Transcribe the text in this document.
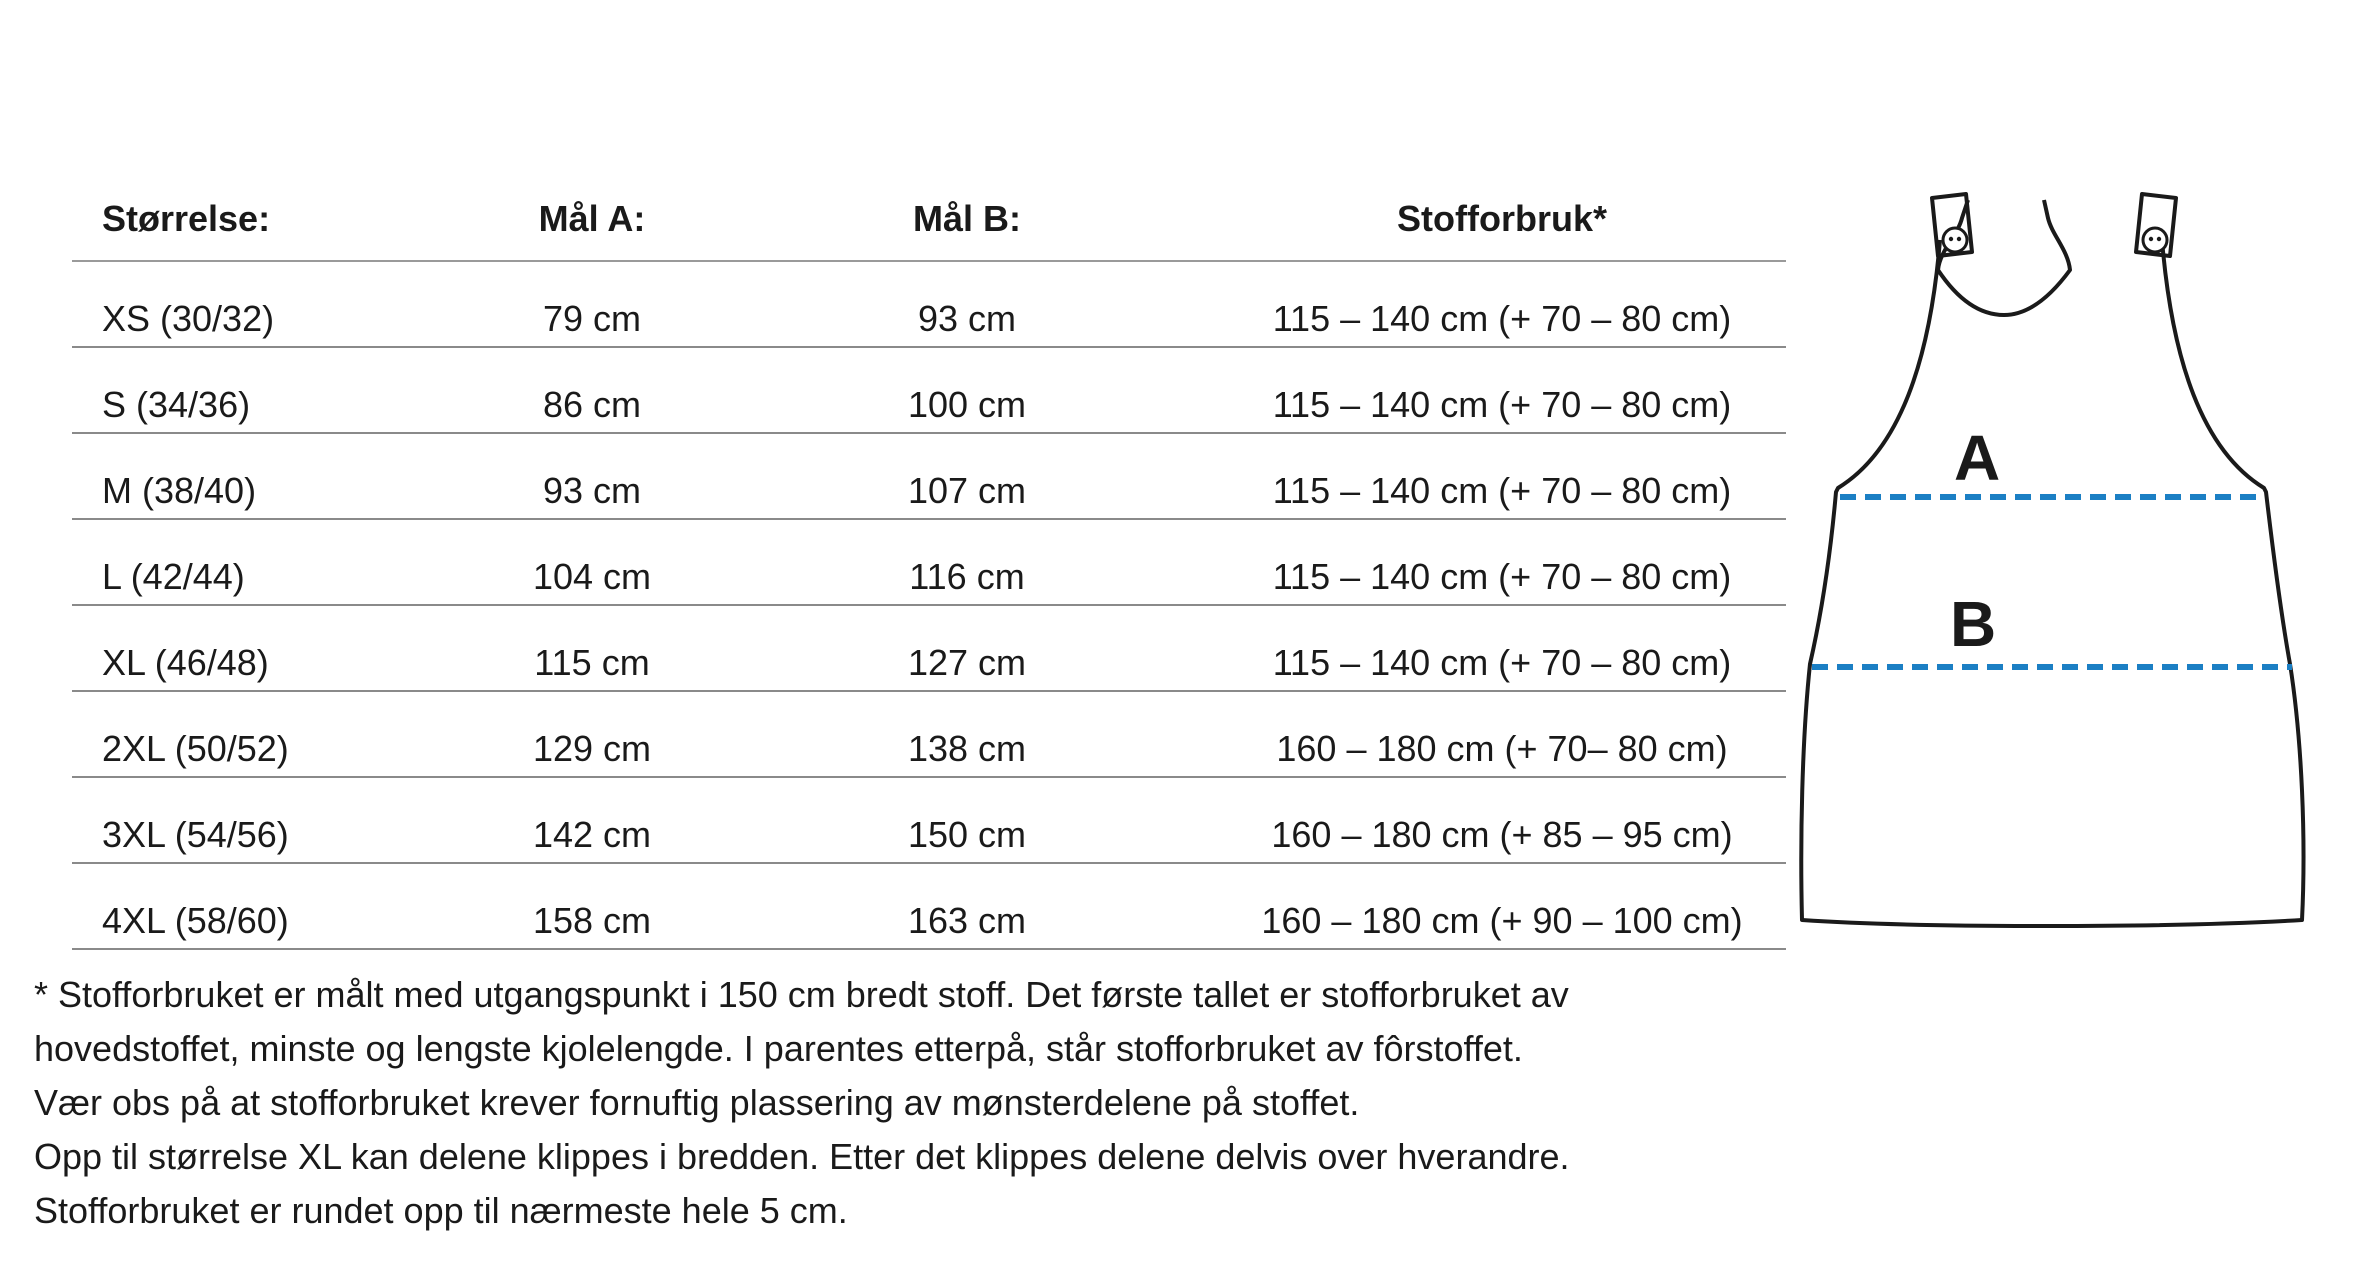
Størrelse:	Mål A:	Mål B:	Stofforbruk*
XS (30/32)	79 cm	93 cm	115 – 140 cm (+ 70 – 80 cm)
S (34/36)	86 cm	100 cm	115 – 140 cm (+ 70 – 80 cm)
M (38/40)	93 cm	107 cm	115 – 140 cm (+ 70 – 80 cm)
L (42/44)	104 cm	116 cm	115 – 140 cm (+ 70 – 80 cm)
XL (46/48)	115 cm	127 cm	115 – 140 cm (+ 70 – 80 cm)
2XL (50/52)	129 cm	138 cm	160 – 180 cm (+ 70– 80 cm)
3XL (54/56)	142 cm	150 cm	160 – 180 cm (+ 85 – 95 cm)
4XL (58/60)	158 cm	163 cm	160 – 180 cm (+ 90 – 100 cm)

* Stofforbruket er målt med utgangspunkt i 150 cm bredt stoff. Det første tallet er stofforbruket av

hovedstoffet, minste og lengste kjolelengde. I parentes etterpå, står stofforbruket av fôrstoffet.

Vær obs på at stofforbruket krever fornuftig plassering av mønsterdelene på stoffet.

Opp til størrelse XL kan delene klippes i bredden. Etter det klippes delene delvis over hverandre.

Stofforbruket er rundet opp til nærmeste hele 5 cm.

A
B
